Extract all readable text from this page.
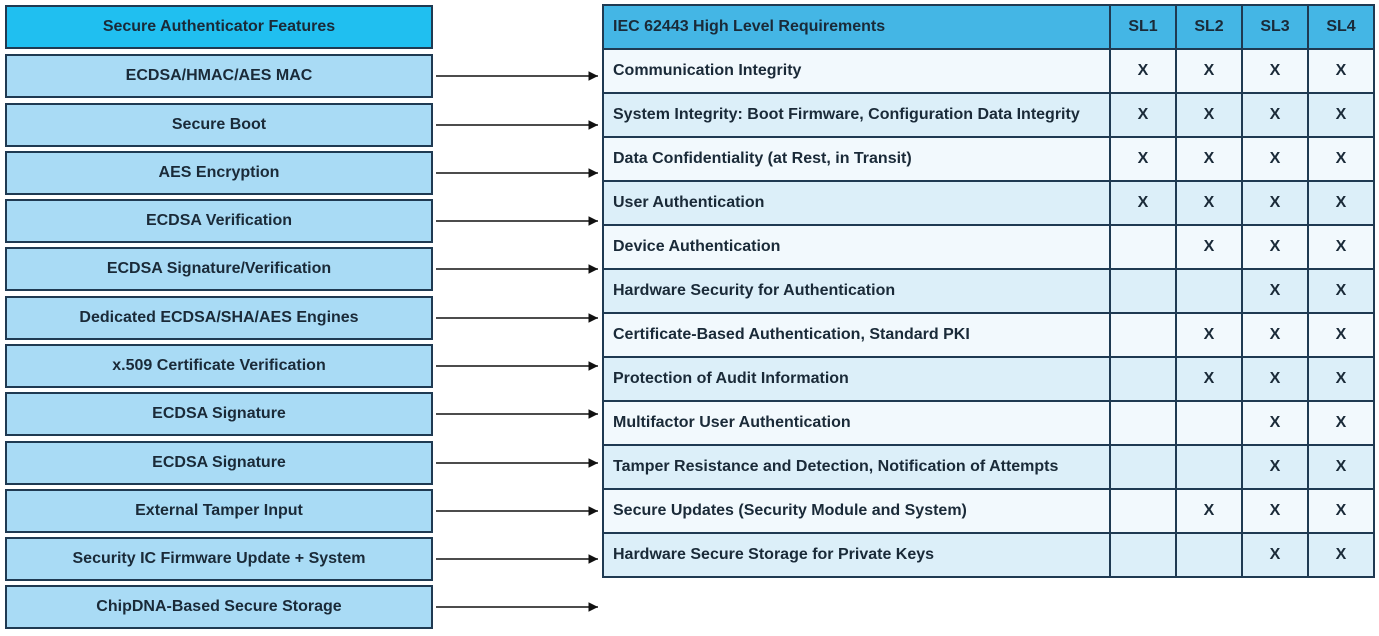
Secure Authenticator Features
ECDSA/HMAC/AES MAC
Secure Boot
AES Encryption
ECDSA Verification
ECDSA Signature/Verification
Dedicated ECDSA/SHA/AES Engines
x.509 Certificate Verification
ECDSA Signature
ECDSA Signature
External Tamper Input
Security IC Firmware Update + System
ChipDNA-Based Secure Storage
IEC 62443 High Level Requirements	SL1	SL2	SL3	SL4
Communication Integrity	X	X	X	X
System Integrity: Boot Firmware, Configuration Data Integrity	X	X	X	X
Data Confidentiality (at Rest, in Transit)	X	X	X	X
User Authentication	X	X	X	X
Device Authentication		X	X	X
Hardware Security for Authentication			X	X
Certificate-Based Authentication, Standard PKI		X	X	X
Protection of Audit Information		X	X	X
Multifactor User Authentication			X	X
Tamper Resistance and Detection, Notification of Attempts			X	X
Secure Updates (Security Module and System)		X	X	X
Hardware Secure Storage for Private Keys			X	X
